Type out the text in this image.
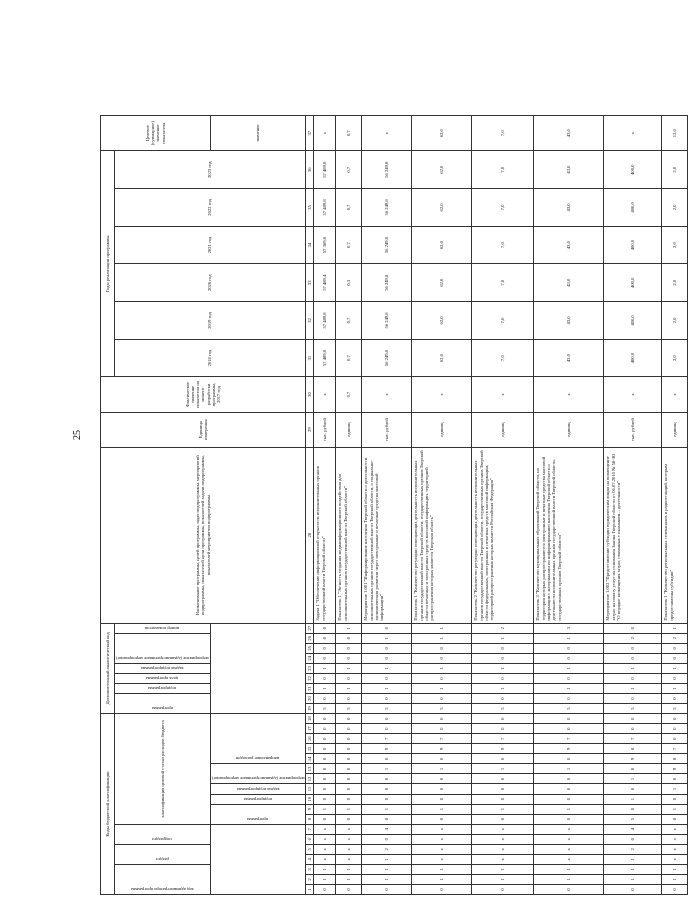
25
Коды бюджетной классификации																		Дополнительный аналитический код									Наименование программы, целей программы, задач подпрограммы, мероприятий подпрограммы, показателей цели программы, показателей задачи подпрограммы, показателей мероприятия подпрограммы	Единица измерения	Фактическое значение показателя на момент разработки программы, 2017 год	Годы реализации программы						Целевое (суммарное) значение показателя

код администратора программы			раздел		подраздел		классификация целевой статьи расходов бюджета											программа		подпрограмма	цель программы	задача подпрограммы	мероприятие (административное мероприятие)			номер показателя				2018 год	2019 год	2020 год	2021 год	2022 год	2023 год	

							программа		подпрограмма	задача подпрограммы	мероприятие (административное мероприятие)		направление расходов																							значение
1	2	3	4	5	6	7	8	9	10	11	12	13	14	15	16	17	18	19	20	21	22	23	24	25	26	27	28	29	30	31	32	33	34	35	36	37
0	1	1	х	х	х	х	0	1	0	0	0	0	0	0	0	0	0	5	0	1	0	1	0	0	0	0	Задача 1 "Обеспечение информационной открытости исполнительных органов государственной власти Тверской области"	тыс. рублей	х	57 489,8	57 489,8	57 489,4	57 369,8	57 489,8	57 489,8	х
0	1	1	х	х	х	х	0	1	0	0	0	0	0	0	0	0	0	5	0	1	0	1	0	0	0	1	Показатель 1 "Эк-ность создания медиаинформационного воздействия для исполнительных органов государственной власти Тверской области"	единиц	0,7	0,7	0,7	0,3	0,7	0,7	0,7	0,7
0	1	1	1	2	0	4	0	1	0	0	0	1	0	9	7	0	0	5	0	1	0	1	0	0	1	0	Мероприятие 1.001 "Информирование населения Тверской области о деятельности исполнительных органов государственной власти Тверской области, о социально-экономическом развитии через электронные и печатные средства массовой информации"	тыс. рублей	х	56 249,8	56 249,8	56 249,8	56 249,8	56 249,8	56 249,8	х
0	1	1	х	х	х	х	0	1	0	0	0	1	0	9	7	0	0	5	0	1	0	1	0	0	1	1	Показатель 1 "Количество регулярно освещающих деятельность исполнительных органов государственной власти Тверской области, государственных органов Тверской области печатных и электронных средств массовой информации, территорией распространения которых является Тверская область"	единиц	х	62,0	62,0	62,0	62,0	62,0	62,0	62,0
0	1	1	х	х	х	х	0	1	0	0	0	1	0	9	7	0	0	5	0	1	0	1	0	0	1	2	Показатель 2 "Количество регулярно освещающих деятельность исполнительных органов государственной власти Тверской области, государственных органов Тверской области федеральных, электронных и печатных средств массовой информации, территорией распространения которых является Российская Федерация"	единиц	х	7,0	7,0	7,0	7,0	7,0	7,0	7,0
0	1	1	х	х	х	х	0	1	0	0	0	1	0	9	7	0	0	5	0	1	0	1	0	0	1	3	Показатель 3 "Количество муниципальных образований Тверской области, на территории которых распространяются электронные и печатные средства массовой информации с материалами по информированию населения Тверской области о деятельности исполнительных органов государственной власти Тверской области, государственных органов Тверской области"	единиц	х	43,0	43,0	43,0	43,0	43,0	43,0	43,0
0	1	1	1	2	0	4	5	0	1	0	1	0	9	8	7	0	0	5	0	1	0	1	0	0	2	0	Мероприятие 1.002 "Предоставление субсидии юридическим лицам на возмещение затрат на оплату услуг на основании Закона Тверской области от 06.07.2010 № 58-ЗО "О порядке возмещения затрат, связанных с оказанием... деятельности"	тыс. рублей	х	400,0	400,0	400,0	400,0	400,0	400,0	х
0	1	1	х	х	х	х	0	1	0	1	0	9	8	7	0	0	0	5	0	1	0	1	0	0	2	1	Показатель 1 "Количество региональных телеканалов и радиостанций, которым предоставлены субсидии"	единиц	х	2,0	2,0	2,0	2,0	2,0	2,0	12,0
